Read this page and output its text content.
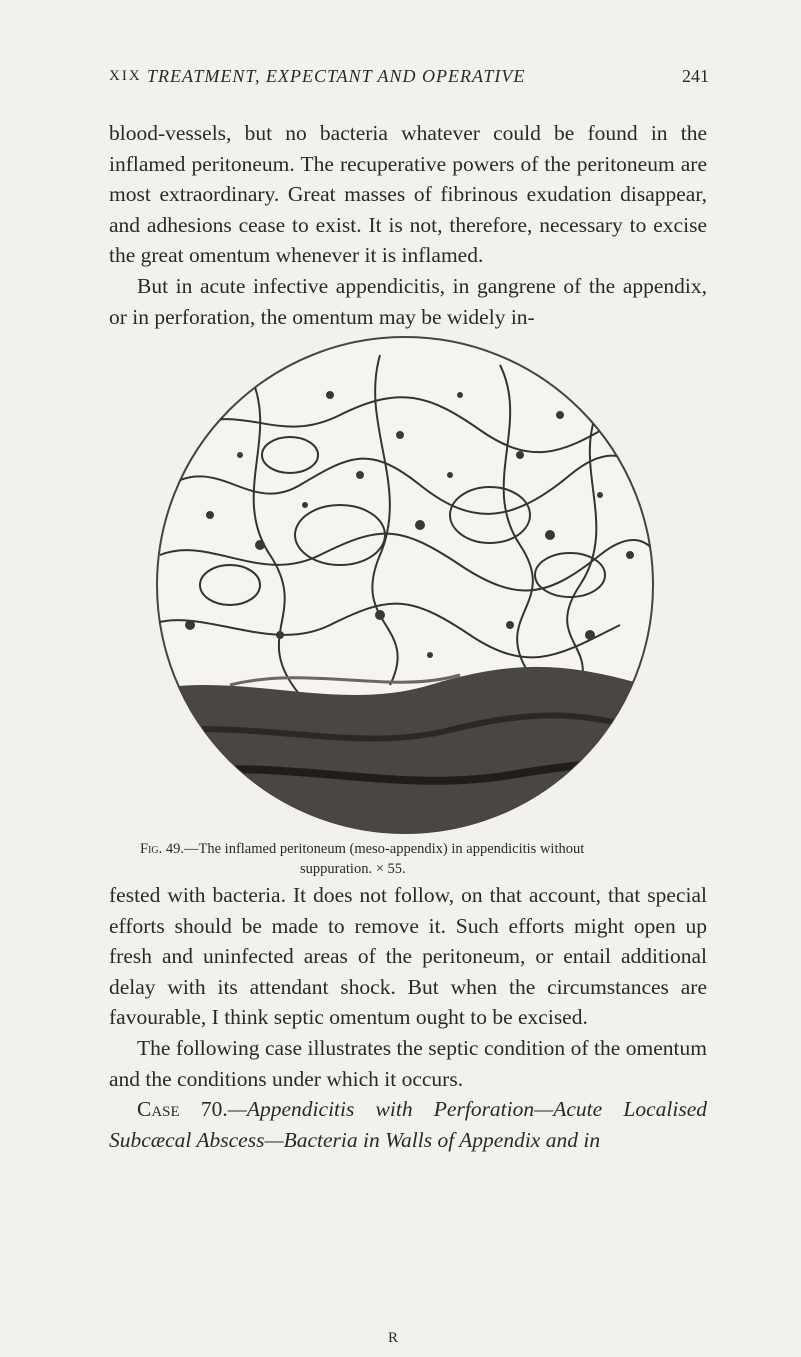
XIX TREATMENT, EXPECTANT AND OPERATIVE	241
blood-vessels, but no bacteria whatever could be found in the inflamed peritoneum. The recuperative powers of the peritoneum are most extraordinary. Great masses of fibrinous exudation disappear, and adhesions cease to exist. It is not, therefore, necessary to excise the great omentum whenever it is inflamed.
But in acute infective appendicitis, in gangrene of the appendix, or in perforation, the omentum may be widely in-
Fig. 49.—The inflamed peritoneum (meso-appendix) in appendicitis without
suppuration. × 55.
fested with bacteria. It does not follow, on that account, that special efforts should be made to remove it. Such efforts might open up fresh and uninfected areas of the peritoneum, or entail additional delay with its attendant shock. But when the circumstances are favourable, I think septic omentum ought to be excised.
The following case illustrates the septic condition of the omentum and the conditions under which it occurs.
Case 70.—Appendicitis with Perforation—Acute Localised Subcæcal Abscess—Bacteria in Walls of Appendix and in
R
